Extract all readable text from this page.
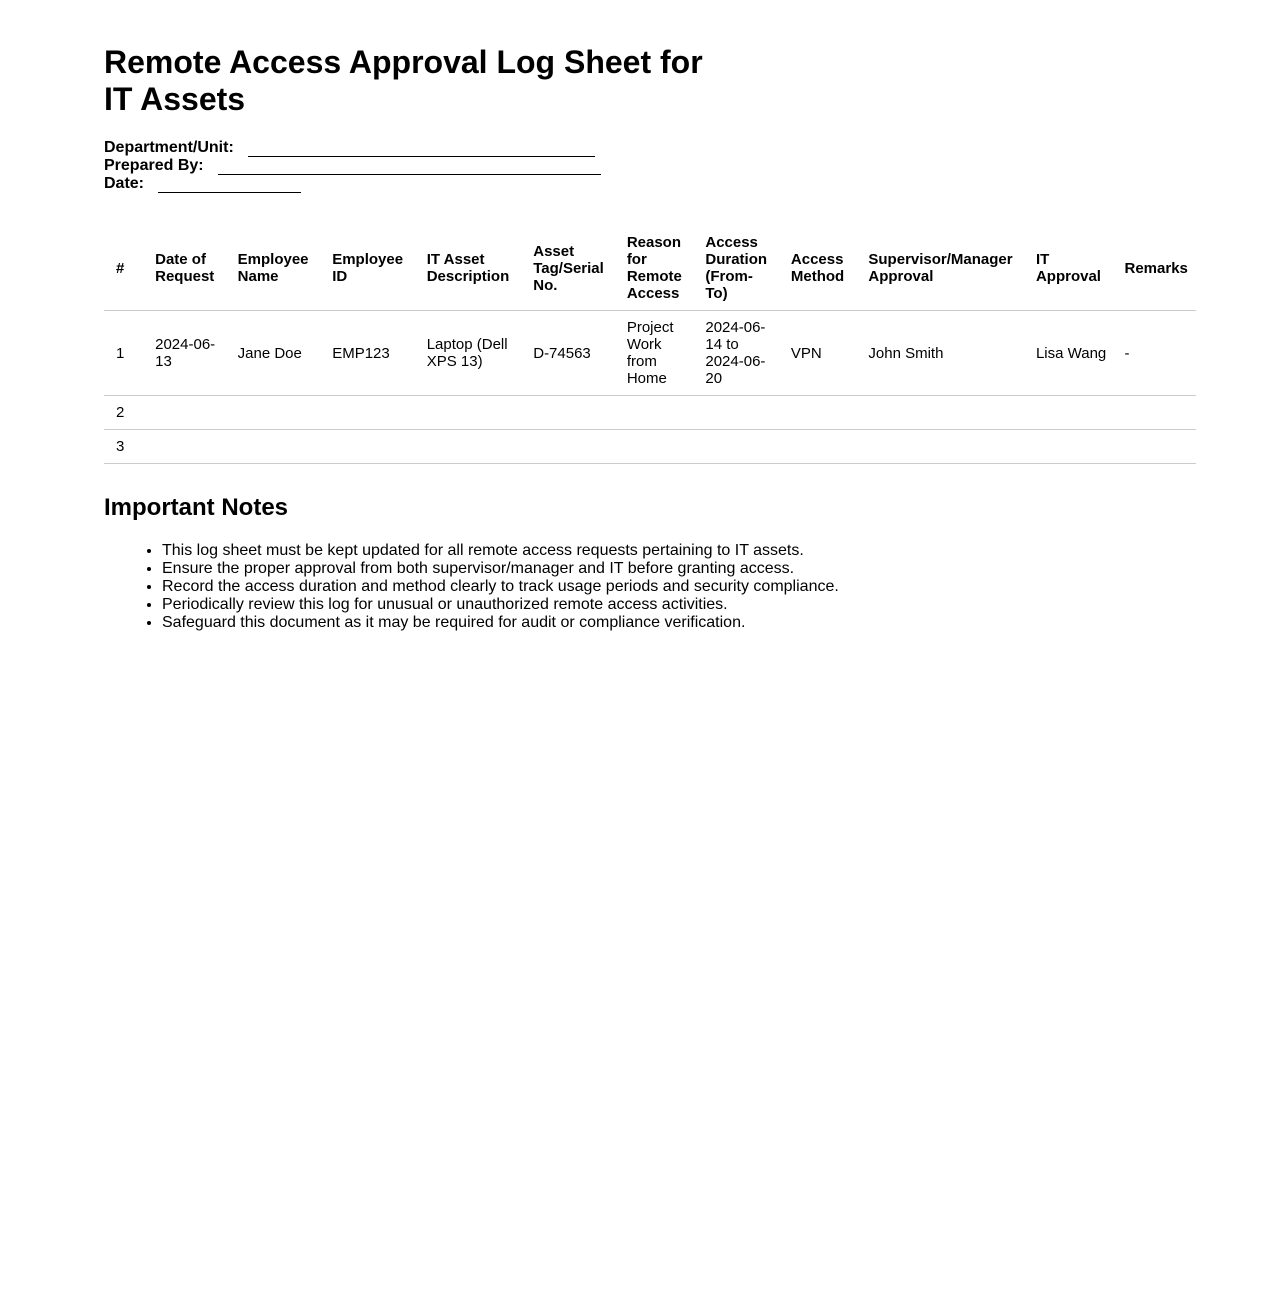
Remote Access Approval Log Sheet for IT Assets
Department/Unit:
Prepared By:
Date:
#	Date of Request	Employee Name	Employee ID	IT Asset Description	Asset Tag/Serial No.	Reason for Remote Access	Access Duration (From-To)	Access Method	Supervisor/Manager Approval	IT Approval	Remarks
1	2024-06-13	Jane Doe	EMP123	Laptop (Dell XPS 13)	D-74563	Project Work from Home	2024-06-14 to 2024-06-20	VPN	John Smith	Lisa Wang	-
2											
3											
Important Notes
• This log sheet must be kept updated for all remote access requests pertaining to IT assets.
• Ensure the proper approval from both supervisor/manager and IT before granting access.
• Record the access duration and method clearly to track usage periods and security compliance.
• Periodically review this log for unusual or unauthorized remote access activities.
• Safeguard this document as it may be required for audit or compliance verification.
